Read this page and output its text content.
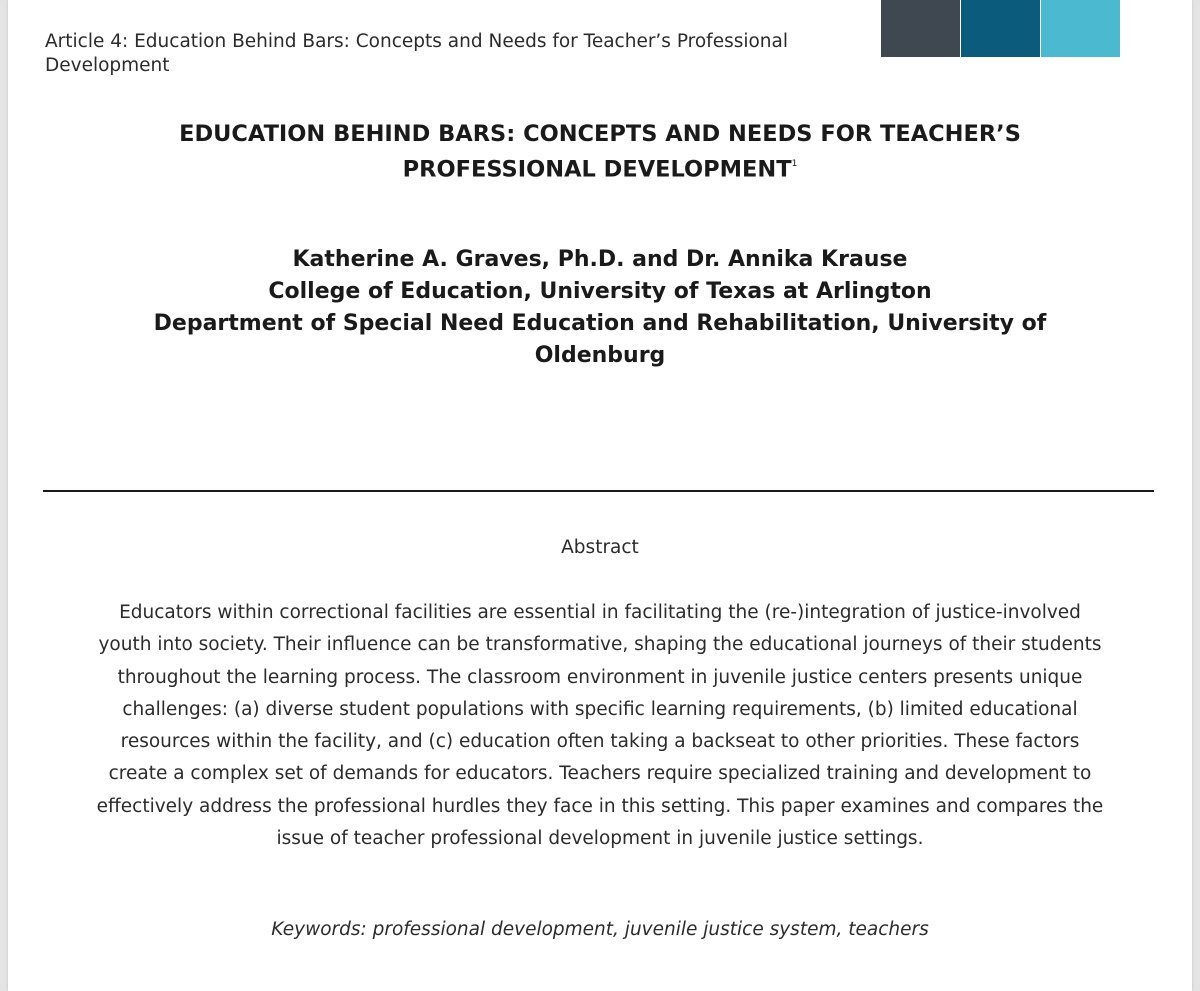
Article 4: Education Behind Bars: Concepts and Needs for Teacher’s Professional Development
EDUCATION BEHIND BARS: CONCEPTS AND NEEDS FOR TEACHER’S
PROFESSIONAL DEVELOPMENT$^1$
Katherine A. Graves, Ph.D. and Dr. Annika Krause
College of Education, University of Texas at Arlington
Department of Special Need Education and Rehabilitation, University of Oldenburg
Abstract
Educators within correctional facilities are essential in facilitating the (re-)integration of justice-involved youth into society. Their influence can be transformative, shaping the educational journeys of their students throughout the learning process. The classroom environment in juvenile justice centers presents unique challenges: (a) diverse student populations with specific learning requirements, (b) limited educational resources within the facility, and (c) education often taking a backseat to other priorities. These factors create a complex set of demands for educators. Teachers require specialized training and development to effectively address the professional hurdles they face in this setting. This paper examines and compares the issue of teacher professional development in juvenile justice settings.
Keywords: professional development, juvenile justice system, teachers
